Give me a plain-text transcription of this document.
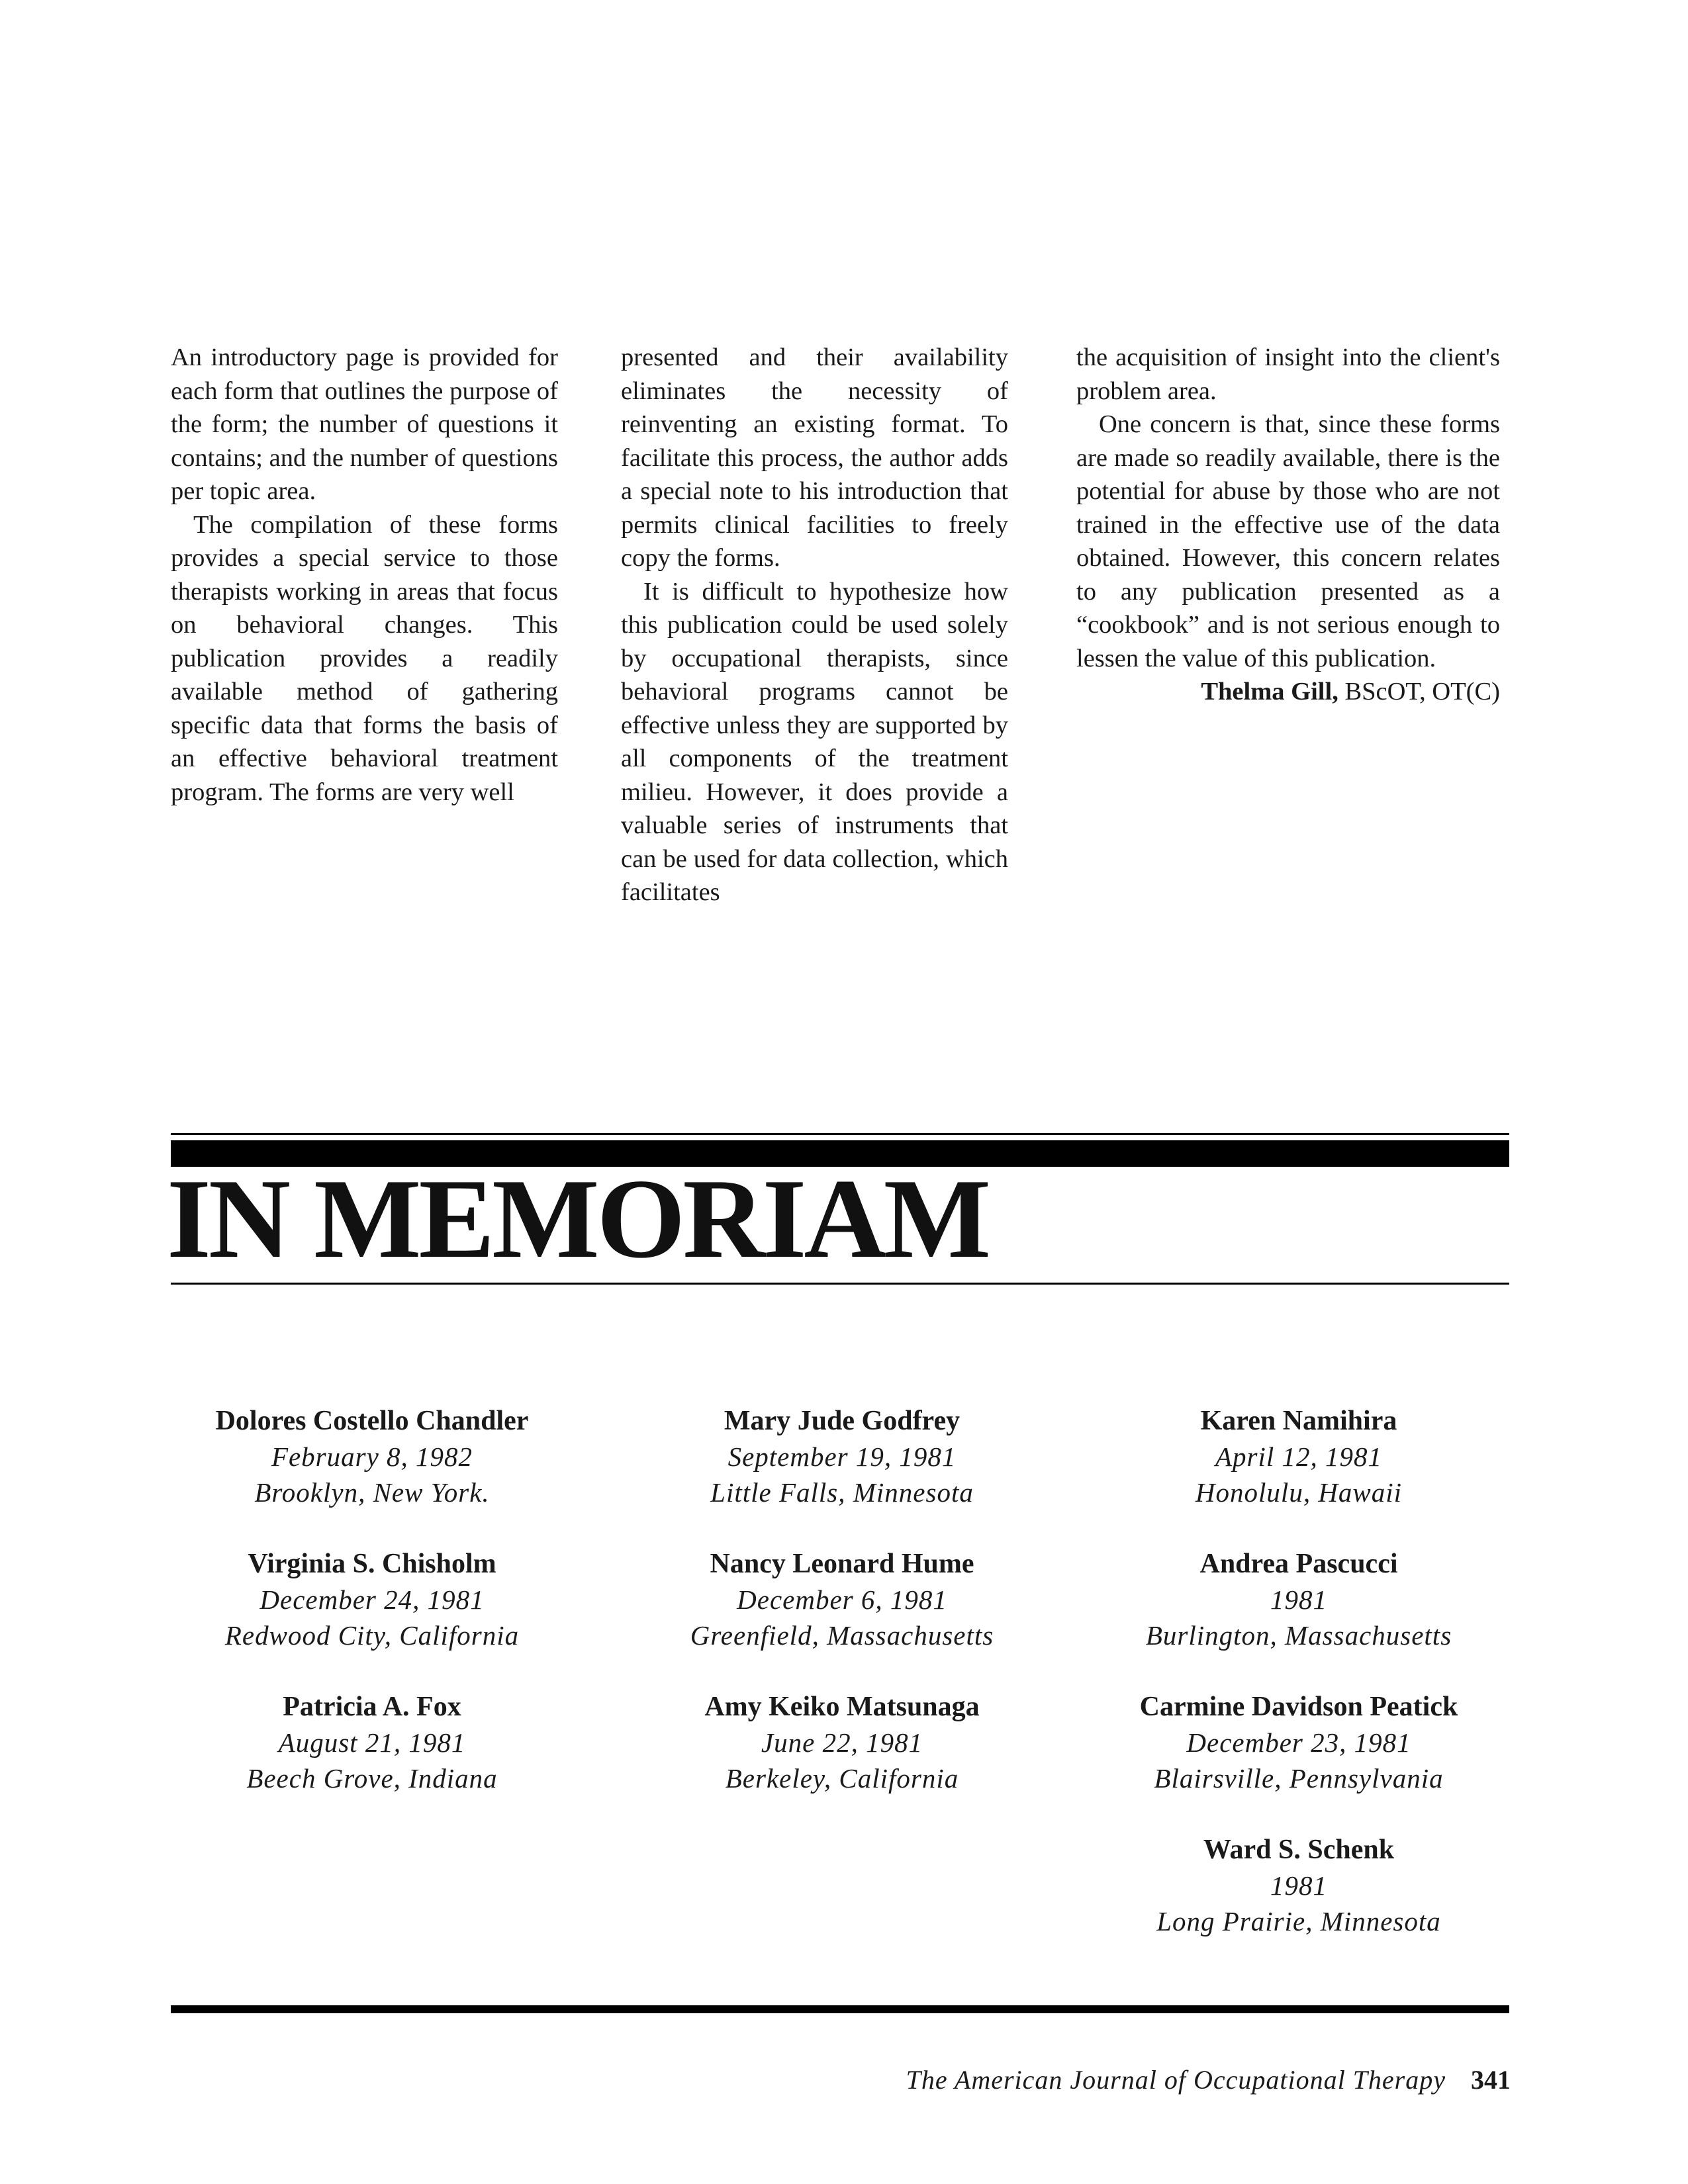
An introductory page is provided for each form that outlines the purpose of the form; the number of questions it contains; and the number of questions per topic area.

The compilation of these forms provides a special service to those therapists working in areas that focus on behavioral changes. This publication provides a readily available method of gathering specific data that forms the basis of an effective behavioral treatment program. The forms are very well

presented and their availability eliminates the necessity of reinventing an existing format. To facilitate this process, the author adds a special note to his introduction that permits clinical facilities to freely copy the forms.

It is difficult to hypothesize how this publication could be used solely by occupational therapists, since behavioral programs cannot be effective unless they are supported by all components of the treatment milieu. However, it does provide a valuable series of instruments that can be used for data collection, which facilitates

the acquisition of insight into the client's problem area.

One concern is that, since these forms are made so readily available, there is the potential for abuse by those who are not trained in the effective use of the data obtained. However, this concern relates to any publication presented as a “cookbook” and is not serious enough to lessen the value of this publication.

Thelma Gill, BScOT, OT(C)

IN MEMORIAM
Dolores Costello Chandler
February 8, 1982
Brooklyn, New York.
Virginia S. Chisholm
December 24, 1981
Redwood City, California
Patricia A. Fox
August 21, 1981
Beech Grove, Indiana
Mary Jude Godfrey
September 19, 1981
Little Falls, Minnesota
Nancy Leonard Hume
December 6, 1981
Greenfield, Massachusetts
Amy Keiko Matsunaga
June 22, 1981
Berkeley, California
Karen Namihira
April 12, 1981
Honolulu, Hawaii
Andrea Pascucci
1981
Burlington, Massachusetts
Carmine Davidson Peatick
December 23, 1981
Blairsville, Pennsylvania
Ward S. Schenk
1981
Long Prairie, Minnesota
The American Journal of Occupational Therapy 341
